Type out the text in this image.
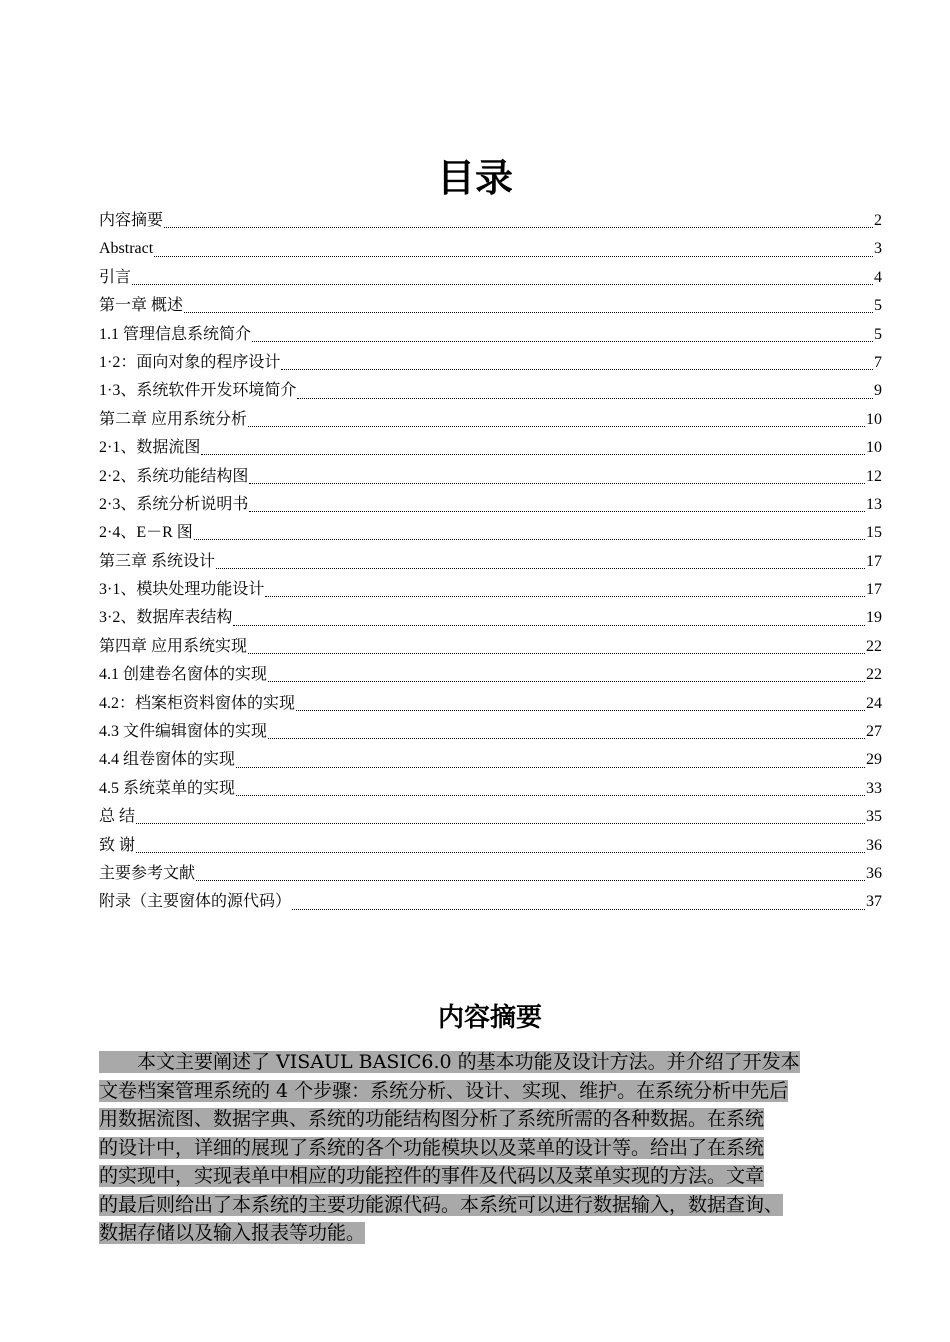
目录
内容摘要	2
Abstract	3
引言	4
第一章 概述	5
1.1 管理信息系统简介	5
1·2：面向对象的程序设计	7
1·3、系统软件开发环境简介	9
第二章 应用系统分析	10
2·1、数据流图	10
2·2、系统功能结构图	12
2·3、系统分析说明书	13
2·4、E－R 图	15
第三章 系统设计	17
3·1、模块处理功能设计	17
3·2、数据库表结构	19
第四章 应用系统实现	22
4.1 创建卷名窗体的实现	22
4.2：档案柜资料窗体的实现	24
4.3 文件编辑窗体的实现	27
4.4 组卷窗体的实现	29
4.5 系统菜单的实现	33
总 结	35
致 谢	36
主要参考文献	36
附录（主要窗体的源代码）	37
内容摘要
　　本文主要阐述了 VISAUL BASIC6.0 的基本功能及设计方法。并介绍了开发本
文卷档案管理系统的 4 个步骤：系统分析、设计、实现、维护。在系统分析中先后
用数据流图、数据字典、系统的功能结构图分析了系统所需的各种数据。在系统
的设计中，详细的展现了系统的各个功能模块以及菜单的设计等。给出了在系统
的实现中，实现表单中相应的功能控件的事件及代码以及菜单实现的方法。文章
的最后则给出了本系统的主要功能源代码。本系统可以进行数据输入，数据查询、
数据存储以及输入报表等功能。
